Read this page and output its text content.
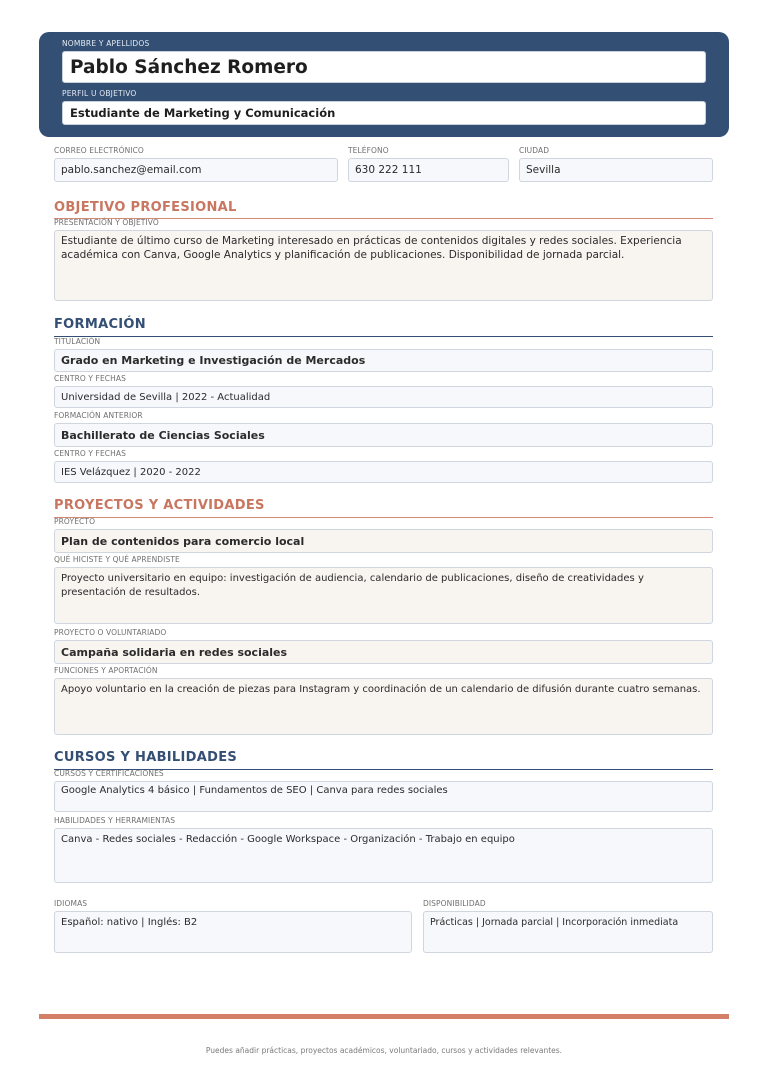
NOMBRE Y APELLIDOS
Pablo Sánchez Romero
PERFIL U OBJETIVO
Estudiante de Marketing y Comunicación
CORREO ELECTRÓNICO
pablo.sanchez@email.com
TELÉFONO
630 222 111
CIUDAD
Sevilla
OBJETIVO PROFESIONAL
PRESENTACIÓN Y OBJETIVO
Estudiante de último curso de Marketing interesado en prácticas de contenidos digitales y redes sociales. Experiencia académica con Canva, Google Analytics y planificación de publicaciones. Disponibilidad de jornada parcial.
FORMACIÓN
TITULACIÓN
Grado en Marketing e Investigación de Mercados
CENTRO Y FECHAS
Universidad de Sevilla | 2022 - Actualidad
FORMACIÓN ANTERIOR
Bachillerato de Ciencias Sociales
CENTRO Y FECHAS
IES Velázquez | 2020 - 2022
PROYECTOS Y ACTIVIDADES
PROYECTO
Plan de contenidos para comercio local
QUÉ HICISTE Y QUÉ APRENDISTE
Proyecto universitario en equipo: investigación de audiencia, calendario de publicaciones, diseño de creatividades y presentación de resultados.
PROYECTO O VOLUNTARIADO
Campaña solidaria en redes sociales
FUNCIONES Y APORTACIÓN
Apoyo voluntario en la creación de piezas para Instagram y coordinación de un calendario de difusión durante cuatro semanas.
CURSOS Y HABILIDADES
CURSOS Y CERTIFICACIONES
Google Analytics 4 básico | Fundamentos de SEO | Canva para redes sociales
HABILIDADES Y HERRAMIENTAS
Canva - Redes sociales - Redacción - Google Workspace - Organización - Trabajo en equipo
IDIOMAS
Español: nativo | Inglés: B2
DISPONIBILIDAD
Prácticas | Jornada parcial | Incorporación inmediata
Puedes añadir prácticas, proyectos académicos, voluntariado, cursos y actividades relevantes.
